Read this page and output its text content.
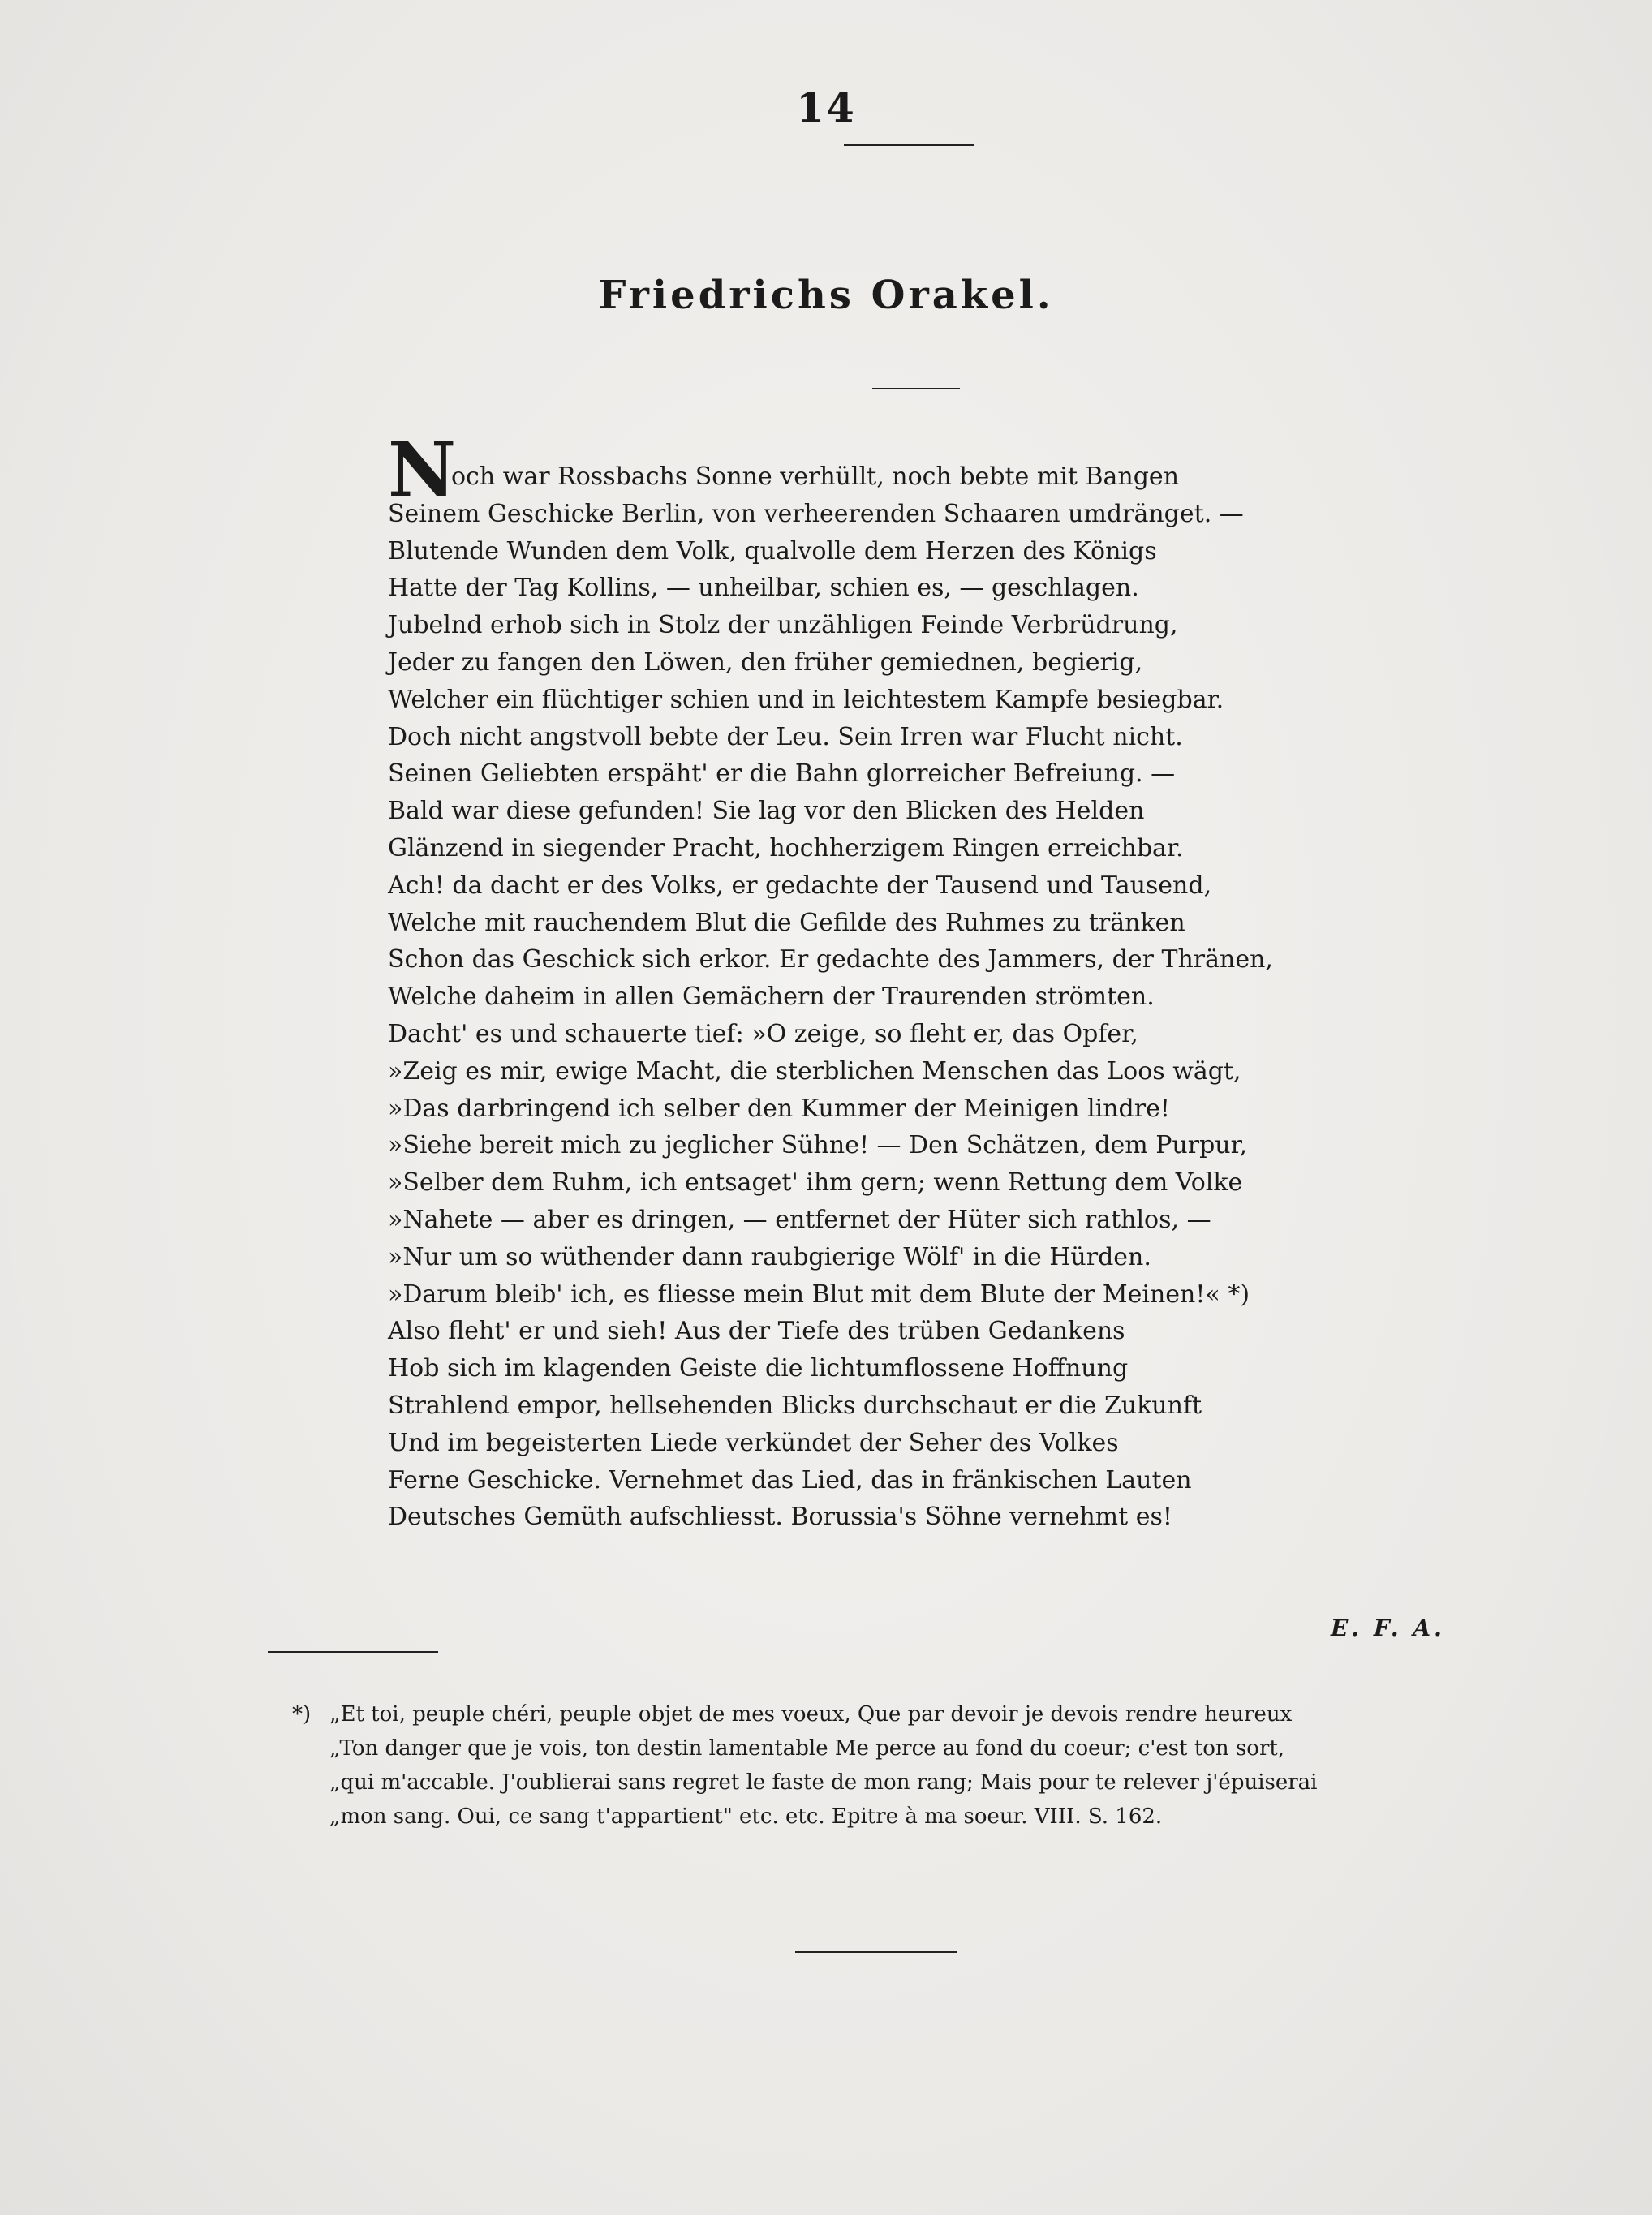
14
Friedrichs Orakel.
N
och war Rossbachs Sonne verhüllt, noch bebte mit Bangen
Seinem Geschicke Berlin, von verheerenden Schaaren umdränget. —
Blutende Wunden dem Volk, qualvolle dem Herzen des Königs
Hatte der Tag Kollins, — unheilbar, schien es, — geschlagen.
Jubelnd erhob sich in Stolz der unzähligen Feinde Verbrüdrung,
Jeder zu fangen den Löwen, den früher gemiednen, begierig,
Welcher ein flüchtiger schien und in leichtestem Kampfe besiegbar.
Doch nicht angstvoll bebte der Leu. Sein Irren war Flucht nicht.
Seinen Geliebten erspäht' er die Bahn glorreicher Befreiung. —
Bald war diese gefunden! Sie lag vor den Blicken des Helden
Glänzend in siegender Pracht, hochherzigem Ringen erreichbar.
Ach! da dacht er des Volks, er gedachte der Tausend und Tausend,
Welche mit rauchendem Blut die Gefilde des Ruhmes zu tränken
Schon das Geschick sich erkor. Er gedachte des Jammers, der Thränen,
Welche daheim in allen Gemächern der Traurenden strömten.
Dacht' es und schauerte tief: »O zeige, so fleht er, das Opfer,
»Zeig es mir, ewige Macht, die sterblichen Menschen das Loos wägt,
»Das darbringend ich selber den Kummer der Meinigen lindre!
»Siehe bereit mich zu jeglicher Sühne! — Den Schätzen, dem Purpur,
»Selber dem Ruhm, ich entsaget' ihm gern; wenn Rettung dem Volke
»Nahete — aber es dringen, — entfernet der Hüter sich rathlos, —
»Nur um so wüthender dann raubgierige Wölf' in die Hürden.
»Darum bleib' ich, es fliesse mein Blut mit dem Blute der Meinen!« *)
Also fleht' er und sieh! Aus der Tiefe des trüben Gedankens
Hob sich im klagenden Geiste die lichtumflossene Hoffnung
Strahlend empor, hellsehenden Blicks durchschaut er die Zukunft
Und im begeisterten Liede verkündet der Seher des Volkes
Ferne Geschicke. Vernehmet das Lied, das in fränkischen Lauten
Deutsches Gemüth aufschliesst. Borussia's Söhne vernehmt es!
E. F. A.
*) „Et toi, peuple chéri, peuple objet de mes voeux, Que par devoir je devois rendre heureux
„Ton danger que je vois, ton destin lamentable Me perce au fond du coeur; c'est ton sort,
„qui m'accable. J'oublierai sans regret le faste de mon rang; Mais pour te relever j'épuiserai
„mon sang. Oui, ce sang t'appartient" etc. etc. Epitre à ma soeur. VIII. S. 162.
